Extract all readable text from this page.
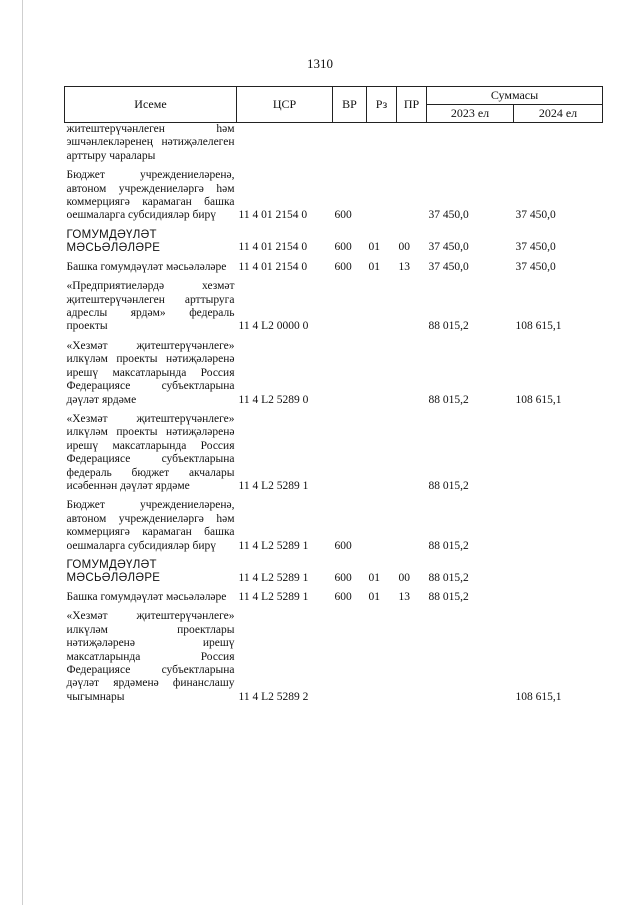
1310
Исеме	ЦСР	ВР	Рз	ПР	Суммасы	
					2023 ел	2024 ел
житештерүчәнлеген һәм эшчәнлекләренең нәтиҗәлелеген арттыру чаралары						
Бюджет учреждениеләренә, автоном учреждениеләргә һәм коммерциягә карамаган башка оешмаларга субсидияләр бирү	11 4 01 2154 0	600			37 450,0	37 450,0
ГОМУМДӘҮЛӘТ МӘСЬӘЛӘЛӘРЕ	11 4 01 2154 0	600	01	00	37 450,0	37 450,0
Башка гомумдәүләт мәсьәләләре	11 4 01 2154 0	600	01	13	37 450,0	37 450,0
«Предприятиеләрдә хезмәт җитештерүчәнлеген арттыруга адреслы ярдәм» федераль проекты	11 4 L2 0000 0				88 015,2	108 615,1
«Хезмәт җитештерүчәнлеге» илкүләм проекты нәтиҗәләренә ирешү максатларында Россия Федерациясе субъектларына дәүләт ярдәме	11 4 L2 5289 0				88 015,2	108 615,1
«Хезмәт җитештерүчәнлеге» илкүләм проекты нәтиҗәләренә ирешү максатларында Россия Федерациясе субъектларына федераль бюджет акчалары исәбеннән дәүләт ярдәме	11 4 L2 5289 1				88 015,2	
Бюджет учреждениеләренә, автоном учреждениеләргә һәм коммерциягә карамаган башка оешмаларга субсидияләр бирү	11 4 L2 5289 1	600			88 015,2	
ГОМУМДӘҮЛӘТ МӘСЬӘЛӘЛӘРЕ	11 4 L2 5289 1	600	01	00	88 015,2	
Башка гомумдәүләт мәсьәләләре	11 4 L2 5289 1	600	01	13	88 015,2	
«Хезмәт җитештерүчәнлеге» илкүләм проектлары нәтиҗәләренә ирешү максатларында Россия Федерациясе субъектларына дәүләт ярдәменә финанслашу чыгымнары	11 4 L2 5289 2					108 615,1
